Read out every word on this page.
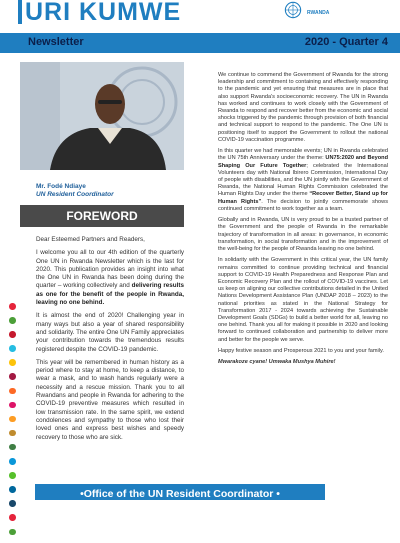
URI KUMWE	RWANDA
Newsletter	2020 - Quarter 4
Mr. Fodé Ndiaye
UN Resident Coordinator
FOREWORD

Dear Esteemed Partners and Readers,

I welcome you all to our 4th edition of the quarterly One UN in Rwanda Newsletter which is the last for 2020. This publication provides an insight into what the One UN in Rwanda has been doing during the quarter – working collectively and delivering results as one for the benefit of the people in Rwanda, leaving no one behind.

It is almost the end of 2020! Challenging year in many ways but also a year of shared responsibility and solidarity. The entire One UN Family appreciates your contribution towards the tremendous results registered despite the COVID-19 pandemic.

This year will be remembered in human history as a period where to stay at home, to keep a distance, to wear a mask, and to wash hands regularly were a necessity and a rescue mission. Thank you to all Rwandans and people in Rwanda for adhering to the COVID-19 preventive measures which resulted in low transmission rate. In the same spirit, we extend condolences and sympathy to those who lost their loved ones and express best wishes and speedy recovery to those who are sick.

We continue to commend the Government of Rwanda for the strong leadership and commitment to containing and effectively responding to the pandemic and yet ensuring that measures are in place that also support Rwanda's socioeconomic recovery. The UN in Rwanda has worked and continues to work closely with the Government of Rwanda to respond and recover better from the economic and social shocks triggered by the pandemic through provision of both financial and technical support to respond to the pandemic. The One UN is positioning itself to support the Government to rollout the national COVID-19 vaccination programme.

In this quarter we had memorable events; UN in Rwanda celebrated the UN 75th Anniversary under the theme: UN75:2020 and Beyond Shaping Our Future Together; celebrated the International Volunteers day with National Ibirero Commission, International Day of people with disabilities, and the UN jointly with the Government of Rwanda, the National Human Rights Commission celebrated the Human Rights Day under the theme “Recover Better, Stand up for Human Rights”. The decision to jointly commemorate shows continued commitment to work together as a team.

Globally and in Rwanda, UN is very proud to be a trusted partner of the Government and the people of Rwanda in the remarkable trajectory of transformation in all areas: in governance, in economic transformation, in social transformation and in the improvement of the well-being for the people of Rwanda leaving no one behind.

In solidarity with the Government in this critical year, the UN family remains committed to continue providing technical and financial support to COVID-19 Health Preparedness and Response Plan and Economic Recovery Plan and the rollout of COVID-19 vaccines. Let us keep on aligning our collective contributions detailed in the United Nations Development Assistance Plan (UNDAP 2018 – 2023) to the national priorities as stated in the National Strategy for Transformation 2017 - 2024 towards achieving the Sustainable Development Goals (SDGs) to build a better world for all, leaving no one behind. Thank you all for making it possible in 2020 and looking forward to continued collaboration and partnership to deliver more and better for the people we serve.

Happy festive season and Prosperous 2021 to you and your family.

Mwarakoze cyane! Umwaka Mushya Muhire!

•Office of the UN Resident Coordinator •
